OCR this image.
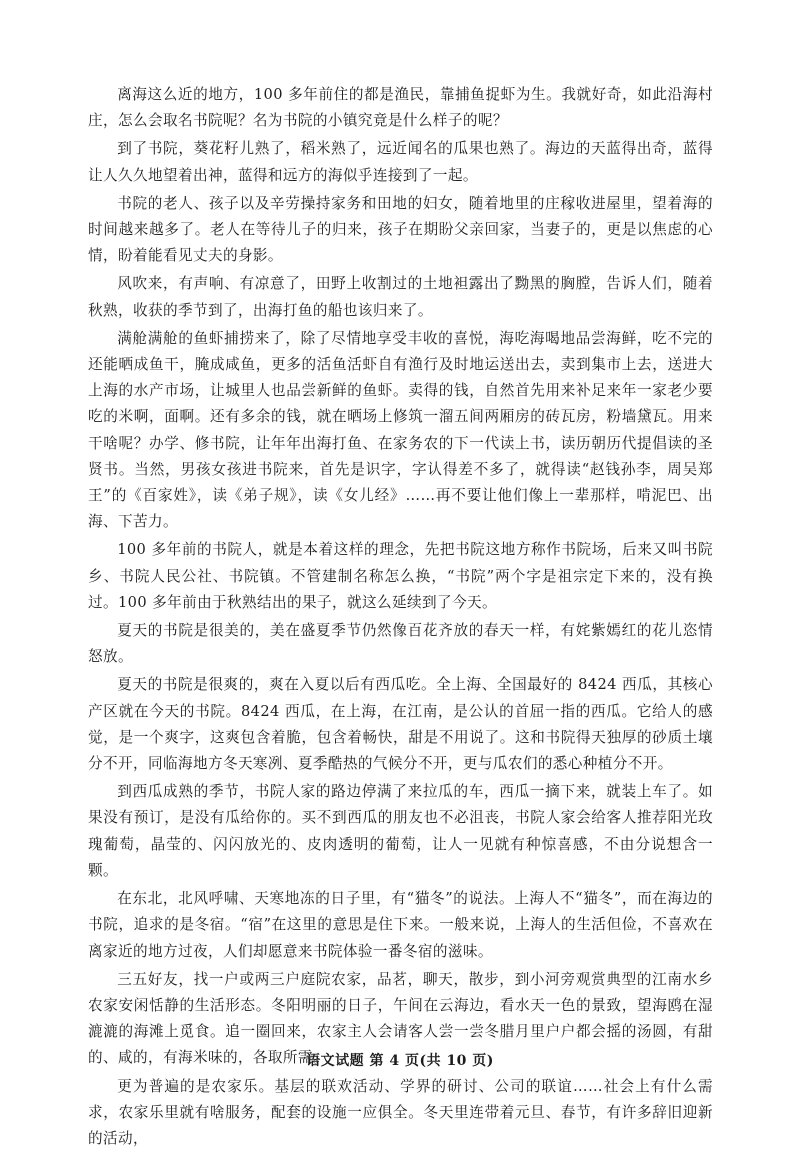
离海这么近的地方，100 多年前住的都是渔民，靠捕鱼捉虾为生。我就好奇，如此沿海村庄，怎么会取名书院呢？名为书院的小镇究竟是什么样子的呢？

到了书院，葵花籽儿熟了，稻米熟了，远近闻名的瓜果也熟了。海边的天蓝得出奇，蓝得让人久久地望着出神，蓝得和远方的海似乎连接到了一起。

书院的老人、孩子以及辛劳操持家务和田地的妇女，随着地里的庄稼收进屋里，望着海的时间越来越多了。老人在等待儿子的归来，孩子在期盼父亲回家，当妻子的，更是以焦虑的心情，盼着能看见丈夫的身影。

风吹来，有声响、有凉意了，田野上收割过的土地袒露出了黝黑的胸膛，告诉人们，随着秋熟，收获的季节到了，出海打鱼的船也该归来了。

满舱满舱的鱼虾捕捞来了，除了尽情地享受丰收的喜悦，海吃海喝地品尝海鲜，吃不完的还能晒成鱼干，腌成咸鱼，更多的活鱼活虾自有渔行及时地运送出去，卖到集市上去，送进大上海的水产市场，让城里人也品尝新鲜的鱼虾。卖得的钱，自然首先用来补足来年一家老少要吃的米啊，面啊。还有多余的钱，就在晒场上修筑一溜五间两厢房的砖瓦房，粉墙黛瓦。用来干啥呢？办学、修书院，让年年出海打鱼、在家务农的下一代读上书，读历朝历代提倡读的圣贤书。当然，男孩女孩进书院来，首先是识字，字认得差不多了，就得读“赵钱孙李，周吴郑王”的《百家姓》，读《弟子规》，读《女儿经》……再不要让他们像上一辈那样，啃泥巴、出海、下苦力。

100 多年前的书院人，就是本着这样的理念，先把书院这地方称作书院场，后来又叫书院乡、书院人民公社、书院镇。不管建制名称怎么换，“书院”两个字是祖宗定下来的，没有换过。100 多年前由于秋熟结出的果子，就这么延续到了今天。

夏天的书院是很美的，美在盛夏季节仍然像百花齐放的春天一样，有姹紫嫣红的花儿恣情怒放。

夏天的书院是很爽的，爽在入夏以后有西瓜吃。全上海、全国最好的 8424 西瓜，其核心产区就在今天的书院。8424 西瓜，在上海，在江南，是公认的首屈一指的西瓜。它给人的感觉，是一个爽字，这爽包含着脆，包含着畅快，甜是不用说了。这和书院得天独厚的砂质土壤分不开，同临海地方冬天寒冽、夏季酷热的气候分不开，更与瓜农们的悉心种植分不开。

到西瓜成熟的季节，书院人家的路边停满了来拉瓜的车，西瓜一摘下来，就装上车了。如果没有预订，是没有瓜给你的。买不到西瓜的朋友也不必沮丧，书院人家会给客人推荐阳光玫瑰葡萄，晶莹的、闪闪放光的、皮肉透明的葡萄，让人一见就有种惊喜感，不由分说想含一颗。

在东北，北风呼啸、天寒地冻的日子里，有“猫冬”的说法。上海人不“猫冬”，而在海边的书院，追求的是冬宿。“宿”在这里的意思是住下来。一般来说，上海人的生活但俭，不喜欢在离家近的地方过夜，人们却愿意来书院体验一番冬宿的滋味。

三五好友，找一户或两三户庭院农家，品茗，聊天，散步，到小河旁观赏典型的江南水乡农家安闲恬静的生活形态。冬阳明丽的日子，午间在云海边，看水天一色的景致，望海鸥在湿漉漉的海滩上觅食。追一圈回来，农家主人会请客人尝一尝冬腊月里户户都会摇的汤圆，有甜的、咸的，有海米味的，各取所需。

更为普遍的是农家乐。基层的联欢活动、学界的研讨、公司的联谊……社会上有什么需求，农家乐里就有啥服务，配套的设施一应俱全。冬天里连带着元旦、春节，有许多辞旧迎新的活动，

语文试题 第 4 页(共 10 页)
